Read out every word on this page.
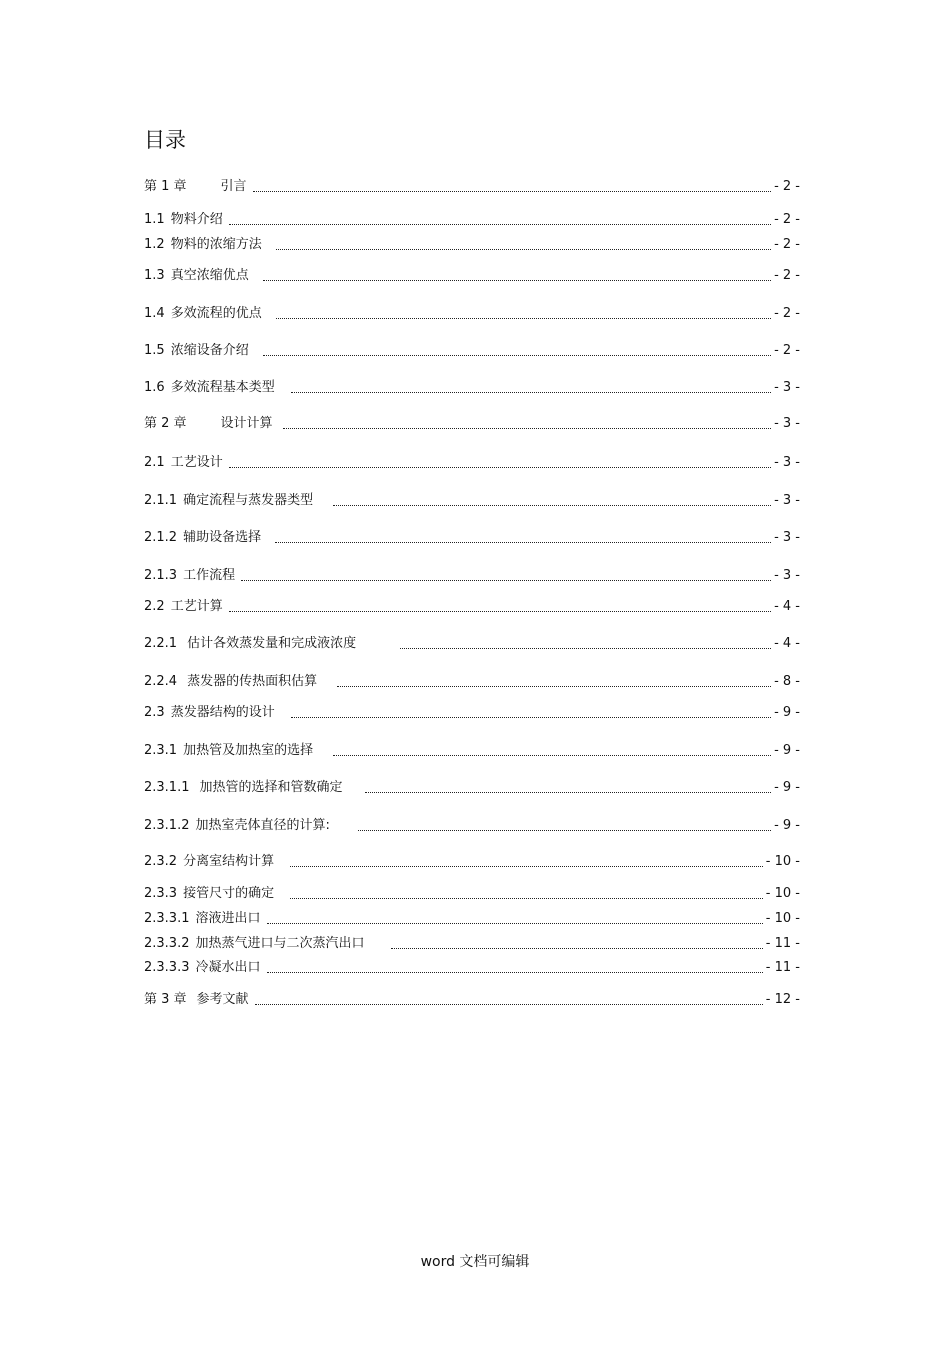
目录
第 1 章	引言	- 2 -
1.1 物料介绍	- 2 -
1.2 物料的浓缩方法	- 2 -
1.3 真空浓缩优点	- 2 -
1.4 多效流程的优点	- 2 -
1.5 浓缩设备介绍	- 2 -
1.6 多效流程基本类型	- 3 -
第 2 章	设计计算	- 3 -
2.1 工艺设计	- 3 -
2.1.1 确定流程与蒸发器类型	- 3 -
2.1.2 辅助设备选择	- 3 -
2.1.3 工作流程	- 3 -
2.2 工艺计算	- 4 -
2.2.1 估计各效蒸发量和完成液浓度	- 4 -
2.2.4 蒸发器的传热面积估算	- 8 -
2.3 蒸发器结构的设计	- 9 -
2.3.1 加热管及加热室的选择	- 9 -
2.3.1.1 加热管的选择和管数确定	- 9 -
2.3.1.2 加热室壳体直径的计算:	- 9 -
2.3.2 分离室结构计算	- 10 -
2.3.3 接管尺寸的确定	- 10 -
2.3.3.1 溶液进出口	- 10 -
2.3.3.2 加热蒸气进口与二次蒸汽出口	- 11 -
2.3.3.3 冷凝水出口	- 11 -
第 3 章 参考文献	- 12 -
word 文档可编辑
